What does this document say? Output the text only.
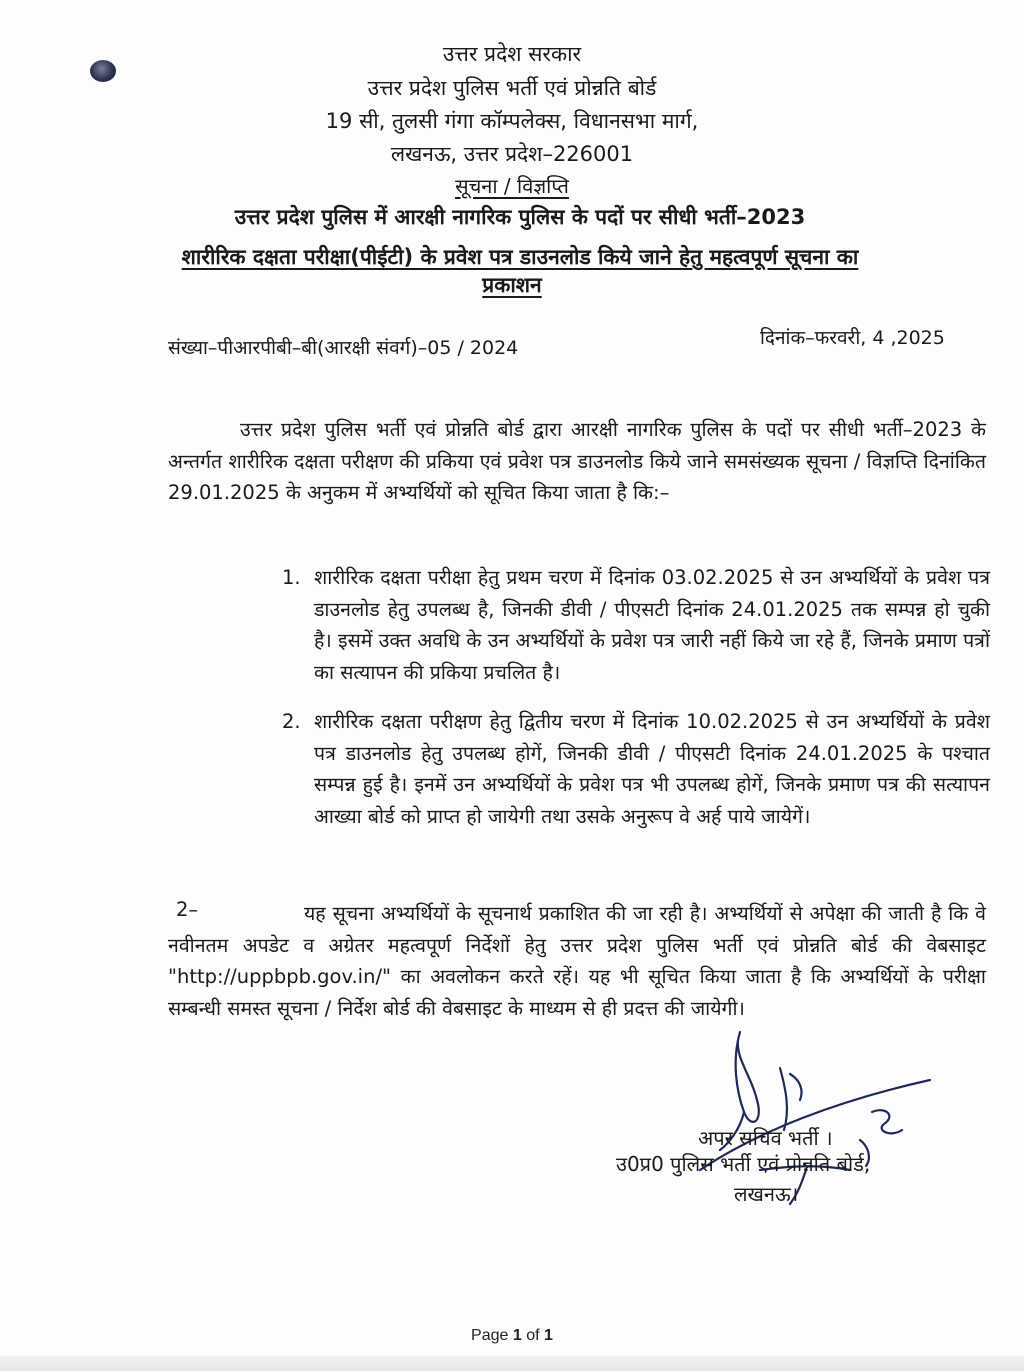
उत्तर प्रदेश सरकार
उत्तर प्रदेश पुलिस भर्ती एवं प्रोन्नति बोर्ड
19 सी, तुलसी गंगा कॉम्पलेक्स, विधानसभा मार्ग,
लखनऊ, उत्तर प्रदेश–226001
सूचना / विज्ञप्ति
उत्तर प्रदेश पुलिस में आरक्षी नागरिक पुलिस के पदों पर सीधी भर्ती–2023
शारीरिक दक्षता परीक्षा(पीईटी) के प्रवेश पत्र डाउनलोड किये जाने हेतु महत्वपूर्ण सूचना का
प्रकाशन
संख्या–पीआरपीबी–बी(आरक्षी संवर्ग)–05 / 2024	दिनांक–फरवरी, 4 ,2025
उत्तर प्रदेश पुलिस भर्ती एवं प्रोन्नति बोर्ड द्वारा आरक्षी नागरिक पुलिस के पदों पर सीधी भर्ती–2023 के अन्तर्गत शारीरिक दक्षता परीक्षण की प्रकिया एवं प्रवेश पत्र डाउनलोड किये जाने समसंख्यक सूचना / विज्ञप्ति दिनांकित 29.01.2025 के अनुकम में अभ्यर्थियों को सूचित किया जाता है कि:–
1. शारीरिक दक्षता परीक्षा हेतु प्रथम चरण में दिनांक 03.02.2025 से उन अभ्यर्थियों के प्रवेश पत्र डाउनलोड हेतु उपलब्ध है, जिनकी डीवी / पीएसटी दिनांक 24.01.2025 तक सम्पन्न हो चुकी है। इसमें उक्त अवधि के उन अभ्यर्थियों के प्रवेश पत्र जारी नहीं किये जा रहे हैं, जिनके प्रमाण पत्रों का सत्यापन की प्रकिया प्रचलित है।
2. शारीरिक दक्षता परीक्षण हेतु द्वितीय चरण में दिनांक 10.02.2025 से उन अभ्यर्थियों के प्रवेश पत्र डाउनलोड हेतु उपलब्ध होगें, जिनकी डीवी / पीएसटी दिनांक 24.01.2025 के पश्चात सम्पन्न हुई है। इनमें उन अभ्यर्थियों के प्रवेश पत्र भी उपलब्ध होगें, जिनके प्रमाण पत्र की सत्यापन आख्या बोर्ड को प्राप्त हो जायेगी तथा उसके अनुरूप वे अर्ह पाये जायेगें।
2–	यह सूचना अभ्यर्थियों के सूचनार्थ प्रकाशित की जा रही है। अभ्यर्थियों से अपेक्षा की जाती है कि वे नवीनतम अपडेट व अग्रेतर महत्वपूर्ण निर्देशों हेतु उत्तर प्रदेश पुलिस भर्ती एवं प्रोन्नति बोर्ड की वेबसाइट "http://uppbpb.gov.in/" का अवलोकन करते रहें। यह भी सूचित किया जाता है कि अभ्यर्थियों के परीक्षा सम्बन्धी समस्त सूचना / निर्देश बोर्ड की वेबसाइट के माध्यम से ही प्रदत्त की जायेगी।
अपर सचिव भर्ती ।
उ0प्र0 पुलिस भर्ती एवं प्रोन्नति बोर्ड,
लखनऊ।
Page 1 of 1
